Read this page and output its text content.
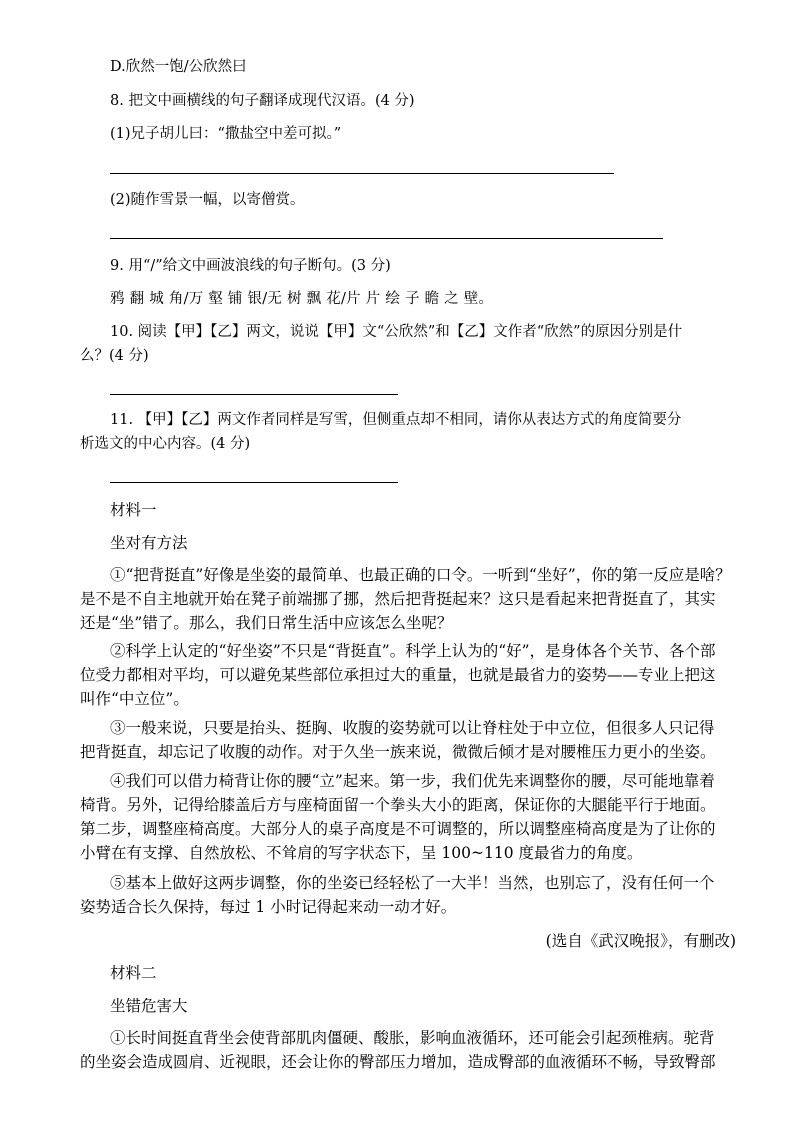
D.欣然一饱/公欣然曰
8. 把文中画横线的句子翻译成现代汉语。(4 分)
(1)兄子胡儿曰：“撒盐空中差可拟。”
(2)随作雪景一幅，以寄僧赏。
9. 用“/”给文中画波浪线的句子断句。(3 分)
鸦 翻 城 角/万 壑 铺 银/无 树 飘 花/片 片 绘 子 瞻 之 壁。
10. 阅读【甲】【乙】两文，说说【甲】文“公欣然”和【乙】文作者“欣然”的原因分别是什
么？(4 分)
11. 【甲】【乙】两文作者同样是写雪，但侧重点却不相同，请你从表达方式的角度简要分
析选文的中心内容。(4 分)
材料一
坐对有方法
①“把背挺直”好像是坐姿的最简单、也最正确的口令。一听到“坐好”，你的第一反应是啥？
是不是不自主地就开始在凳子前端挪了挪，然后把背挺起来？这只是看起来把背挺直了，其实
还是“坐”错了。那么，我们日常生活中应该怎么坐呢？
②科学上认定的“好坐姿”不只是“背挺直”。科学上认为的“好”，是身体各个关节、各个部
位受力都相对平均，可以避免某些部位承担过大的重量，也就是最省力的姿势——专业上把这
叫作“中立位”。
③一般来说，只要是抬头、挺胸、收腹的姿势就可以让脊柱处于中立位，但很多人只记得
把背挺直，却忘记了收腹的动作。对于久坐一族来说，微微后倾才是对腰椎压力更小的坐姿。
④我们可以借力椅背让你的腰“立”起来。第一步，我们优先来调整你的腰，尽可能地靠着
椅背。另外，记得给膝盖后方与座椅面留一个拳头大小的距离，保证你的大腿能平行于地面。
第二步，调整座椅高度。大部分人的桌子高度是不可调整的，所以调整座椅高度是为了让你的
小臂在有支撑、自然放松、不耸肩的写字状态下，呈 100~110 度最省力的角度。
⑤基本上做好这两步调整，你的坐姿已经轻松了一大半！当然，也别忘了，没有任何一个
姿势适合长久保持，每过 1 小时记得起来动一动才好。
(选自《武汉晚报》，有删改)
材料二
坐错危害大
①长时间挺直背坐会使背部肌肉僵硬、酸胀，影响血液循环，还可能会引起颈椎病。驼背
的坐姿会造成圆肩、近视眼，还会让你的臀部压力增加，造成臀部的血液循环不畅，导致臀部
